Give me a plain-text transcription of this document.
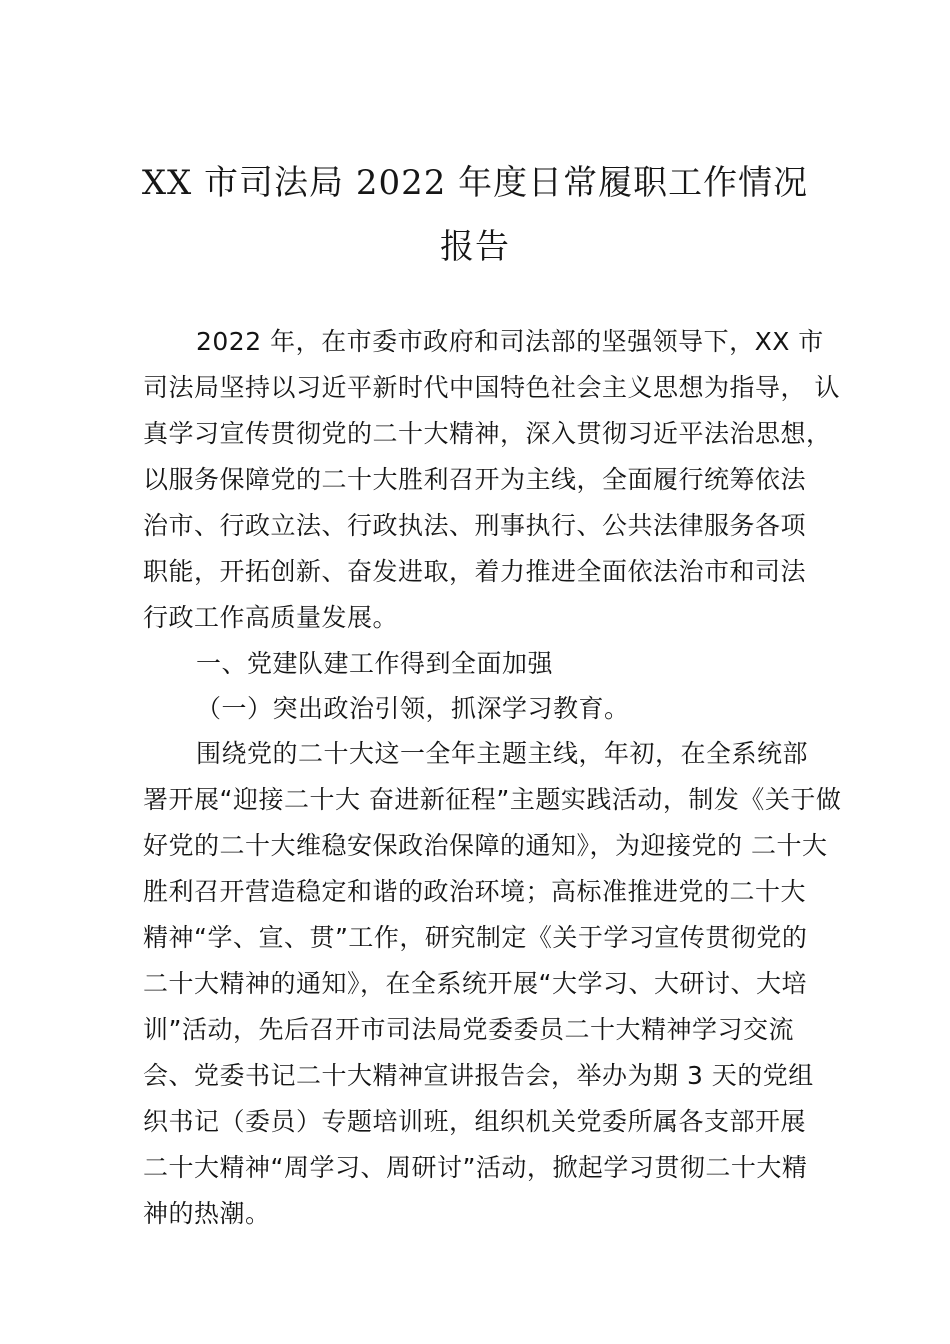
XX 市司法局 2022 年度日常履职工作情况
报告
2022 年，在市委市政府和司法部的坚强领导下，XX 市
司法局坚持以习近平新时代中国特色社会主义思想为指导， 认
真学习宣传贯彻党的二十大精神，深入贯彻习近平法治思想，
以服务保障党的二十大胜利召开为主线，全面履行统筹依法
治市、行政立法、行政执法、刑事执行、公共法律服务各项
职能，开拓创新、奋发进取，着力推进全面依法治市和司法
行政工作高质量发展。
一、党建队建工作得到全面加强
（一）突出政治引领，抓深学习教育。
围绕党的二十大这一全年主题主线，年初，在全系统部
署开展“迎接二十大 奋进新征程”主题实践活动，制发《关于做
好党的二十大维稳安保政治保障的通知》，为迎接党的 二十大
胜利召开营造稳定和谐的政治环境；高标准推进党的二十大
精神“学、宣、贯”工作，研究制定《关于学习宣传贯彻党的
二十大精神的通知》，在全系统开展“大学习、大研讨、大培
训”活动，先后召开市司法局党委委员二十大精神学习交流
会、党委书记二十大精神宣讲报告会，举办为期 3 天的党组
织书记（委员）专题培训班，组织机关党委所属各支部开展
二十大精神“周学习、周研讨”活动，掀起学习贯彻二十大精
神的热潮。
